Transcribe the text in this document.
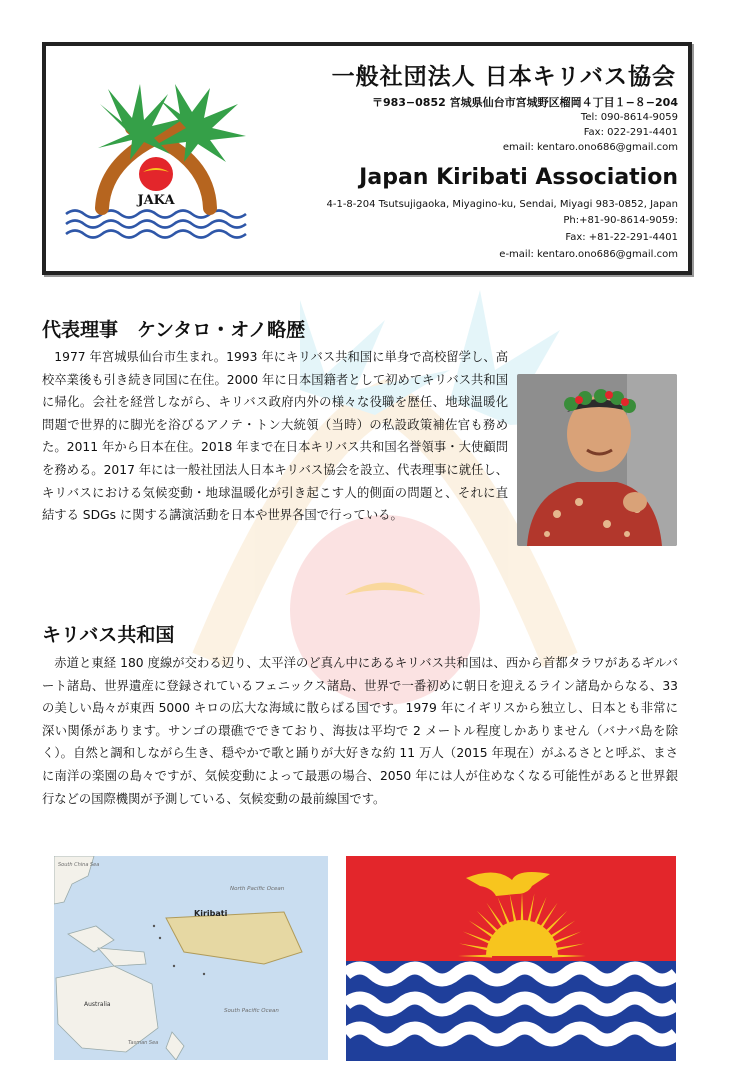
JAKA
一般社団法人 日本キリバス協会
〒983−0852 宮城県仙台市宮城野区榴岡４丁目１−８−204
Tel: 090-8614-9059
Fax: 022-291-4401
email: kentaro.ono686@gmail.com
Japan Kiribati Association
4-1-8-204 Tsutsujigaoka, Miyagino-ku, Sendai, Miyagi 983-0852, Japan
Ph:+81-90-8614-9059:
Fax: +81-22-291-4401
e-mail: kentaro.ono686@gmail.com
代表理事　ケンタロ・オノ略歴

1977 年宮城県仙台市生まれ。1993 年にキリバス共和国に単身で高校留学し、高校卒業後も引き続き同国に在住。2000 年に日本国籍者として初めてキリバス共和国に帰化。会社を経営しながら、キリバス政府内外の様々な役職を歴任、地球温暖化問題で世界的に脚光を浴びるアノテ・トン大統領（当時）の私設政策補佐官も務めた。2011 年から日本在住。2018 年まで在日本キリバス共和国名誉領事・大使顧問を務める。2017 年には一般社団法人日本キリバス協会を設立、代表理事に就任し、キリバスにおける気候変動・地球温暖化が引き起こす人的側面の問題と、それに直結する SDGs に関する講演活動を日本や世界各国で行っている。

キリバス共和国

赤道と東経 180 度線が交わる辺り、太平洋のど真ん中にあるキリバス共和国は、西から首都タラワがあるギルバート諸島、世界遺産に登録されているフェニックス諸島、世界で一番初めに朝日を迎えるライン諸島からなる、33 の美しい島々が東西 5000 キロの広大な海域に散らばる国です。1979 年にイギリスから独立し、日本とも非常に深い関係があります。サンゴの環礁でできており、海抜は平均で 2 メートル程度しかありません（バナバ島を除く）。自然と調和しながら生き、穏やかで歌と踊りが大好きな約 11 万人（2015 年現在）がふるさとと呼ぶ、まさに南洋の楽園の島々ですが、気候変動によって最悪の場合、2050 年には人が住めなくなる可能性があると世界銀行などの国際機関が予測している、気候変動の最前線国です。

Kiribati
North Pacific Ocean
South Pacific Ocean
Australia
Tasman Sea
South China Sea
